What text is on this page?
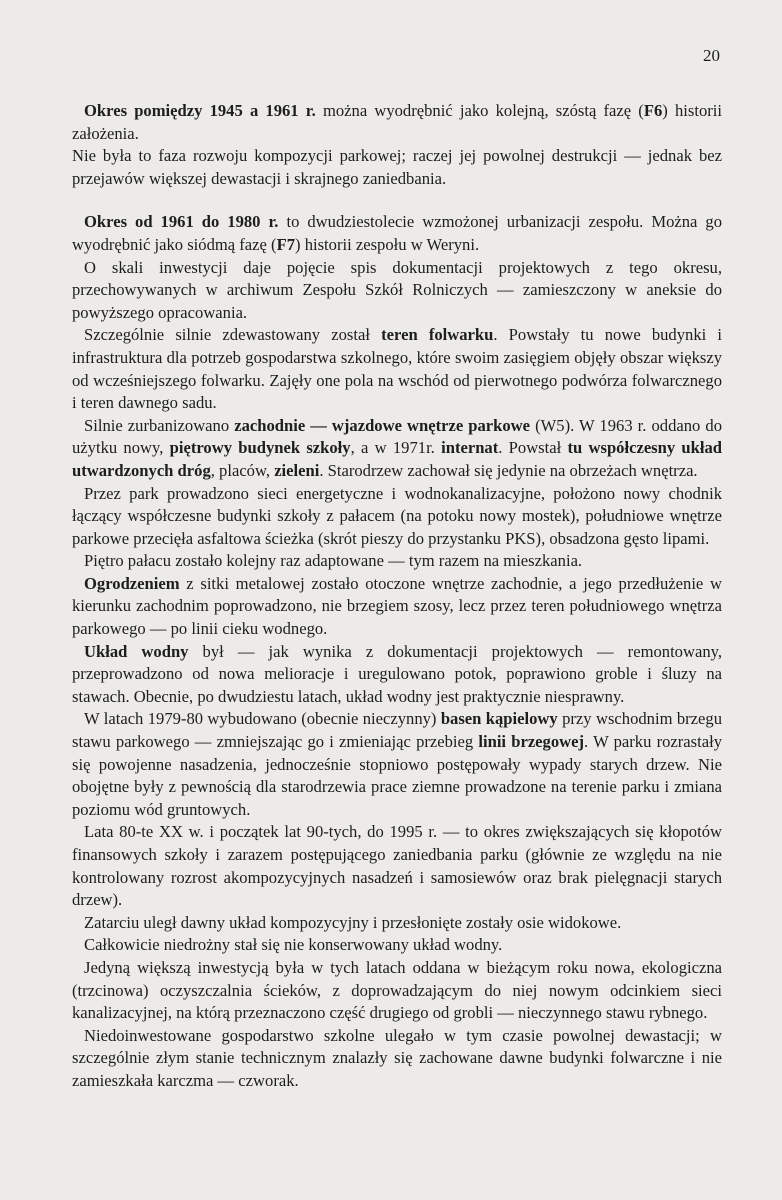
20

Okres pomiędzy 1945 a 1961 r. można wyodrębnić jako kolejną, szóstą fazę (F6) historii założenia.

Nie była to faza rozwoju kompozycji parkowej; raczej jej powolnej destrukcji — jednak bez przejawów większej dewastacji i skrajnego zaniedbania.

Okres od 1961 do 1980 r. to dwudziestolecie wzmożonej urbanizacji zespołu. Można go wyodrębnić jako siódmą fazę (F7) historii zespołu w Weryni.

O skali inwestycji daje pojęcie spis dokumentacji projektowych z tego okresu, przechowywanych w archiwum Zespołu Szkół Rolniczych — zamieszczony w aneksie do powyższego opracowania.

Szczególnie silnie zdewastowany został teren folwarku. Powstały tu nowe budynki i infrastruktura dla potrzeb gospodarstwa szkolnego, które swoim zasięgiem objęły obszar większy od wcześniejszego folwarku. Zajęły one pola na wschód od pierwotnego podwórza folwarcznego i teren dawnego sadu.

Silnie zurbanizowano zachodnie — wjazdowe wnętrze parkowe (W5). W 1963 r. oddano do użytku nowy, piętrowy budynek szkoły, a w 1971r. internat. Powstał tu współczesny układ utwardzonych dróg, placów, zieleni. Starodrzew zachował się jedynie na obrzeżach wnętrza.

Przez park prowadzono sieci energetyczne i wodnokanalizacyjne, położono nowy chodnik łączący współczesne budynki szkoły z pałacem (na potoku nowy mostek), południowe wnętrze parkowe przecięła asfaltowa ścieżka (skrót pieszy do przystanku PKS), obsadzona gęsto lipami.

Piętro pałacu zostało kolejny raz adaptowane — tym razem na mieszkania.

Ogrodzeniem z sitki metalowej zostało otoczone wnętrze zachodnie, a jego przedłużenie w kierunku zachodnim poprowadzono, nie brzegiem szosy, lecz przez teren południowego wnętrza parkowego — po linii cieku wodnego.

Układ wodny był — jak wynika z dokumentacji projektowych — remontowany, przeprowadzono od nowa melioracje i uregulowano potok, poprawiono groble i śluzy na stawach. Obecnie, po dwudziestu latach, układ wodny jest praktycznie niesprawny.

W latach 1979-80 wybudowano (obecnie nieczynny) basen kąpielowy przy wschodnim brzegu stawu parkowego — zmniejszając go i zmieniając przebieg linii brzegowej. W parku rozrastały się powojenne nasadzenia, jednocześnie stopniowo postępowały wypady starych drzew. Nie obojętne były z pewnością dla starodrzewia prace ziemne prowadzone na terenie parku i zmiana poziomu wód gruntowych.

Lata 80-te XX w. i początek lat 90-tych, do 1995 r. — to okres zwiększających się kłopotów finansowych szkoły i zarazem postępującego zaniedbania parku (głównie ze względu na nie kontrolowany rozrost akompozycyjnych nasadzeń i samosiewów oraz brak pielęgnacji starych drzew).

Zatarciu uległ dawny układ kompozycyjny i przesłonięte zostały osie widokowe.

Całkowicie niedrożny stał się nie konserwowany układ wodny.

Jedyną większą inwestycją była w tych latach oddana w bieżącym roku nowa, ekologiczna (trzcinowa) oczyszczalnia ścieków, z doprowadzającym do niej nowym odcinkiem sieci kanalizacyjnej, na którą przeznaczono część drugiego od grobli — nieczynnego stawu rybnego.

Niedoinwestowane gospodarstwo szkolne ulegało w tym czasie powolnej dewastacji; w szczególnie złym stanie technicznym znalazły się zachowane dawne budynki folwarczne i nie zamieszkała karczma — czworak.
